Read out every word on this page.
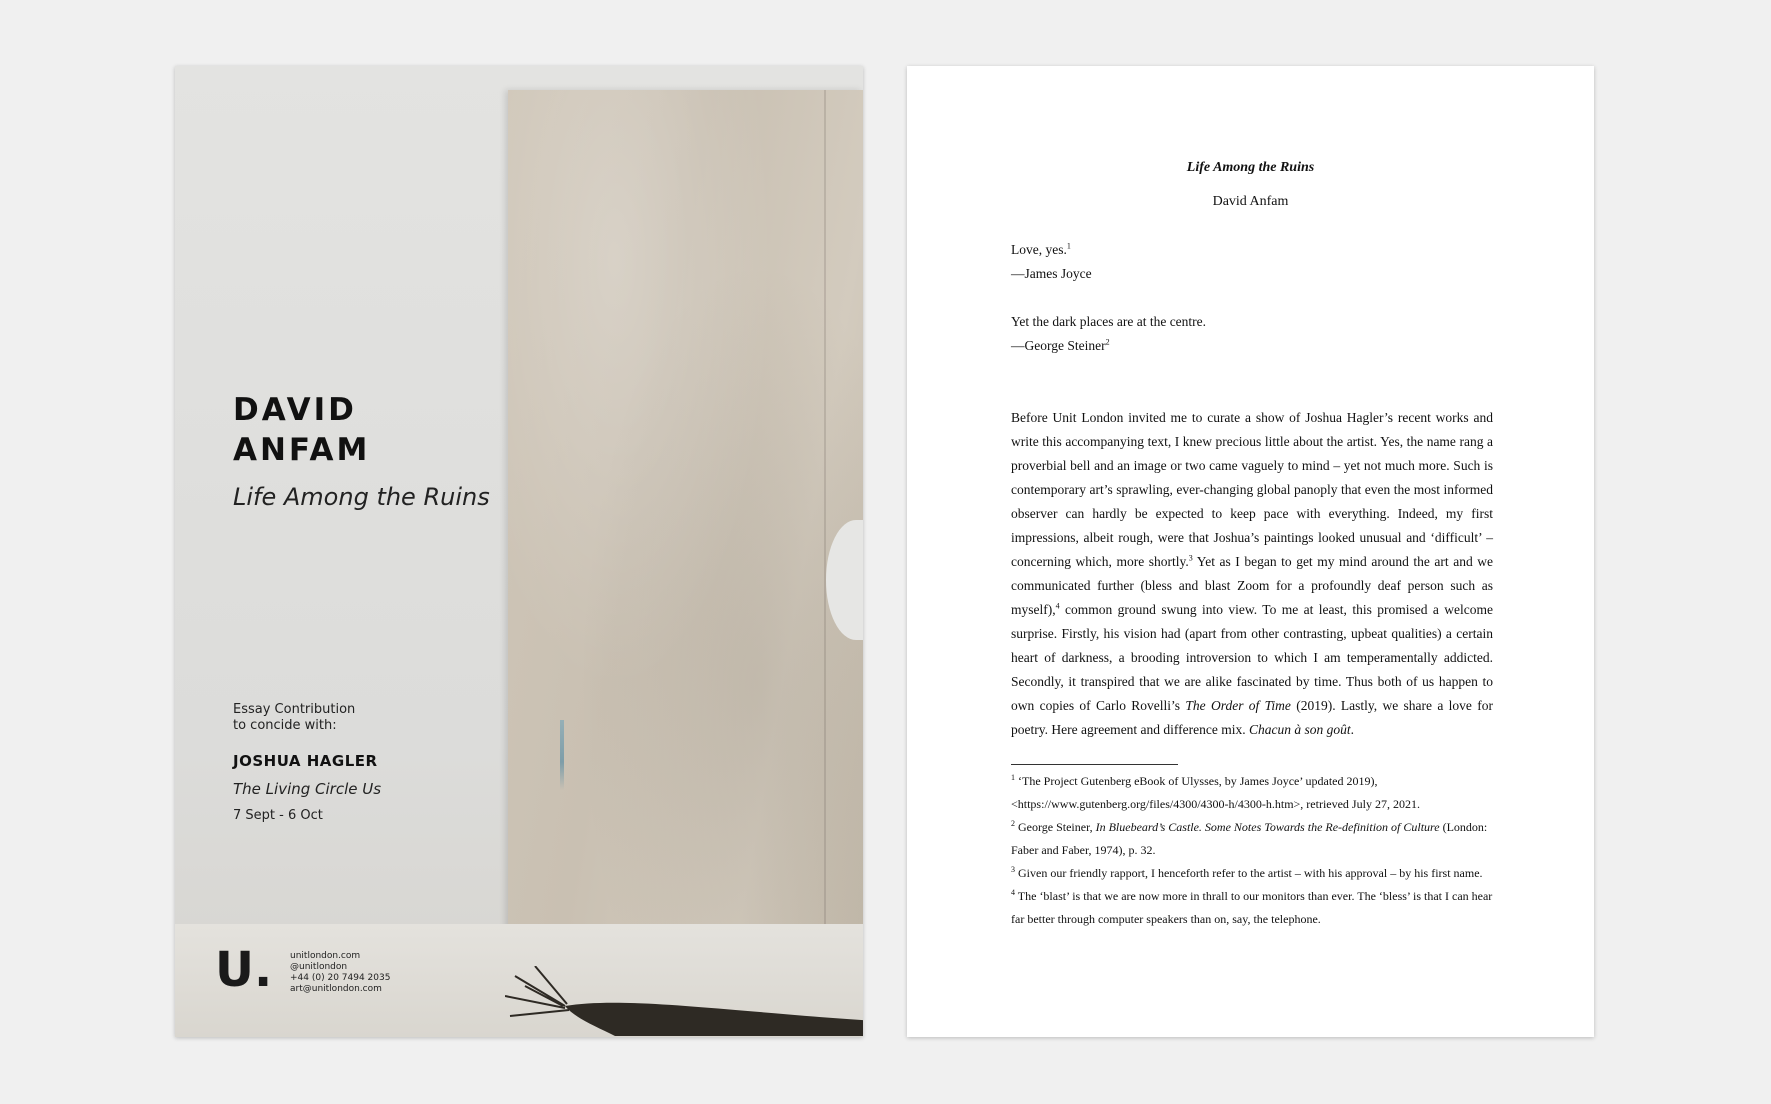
DAVID
ANFAM
Life Among the Ruins
Essay Contribution
to concide with:
JOSHUA HAGLER
The Living Circle Us
7 Sept - 6 Oct
U. unitlondon.com
@unitlondon
+44 (0) 20 7494 2035
art@unitlondon.com
Life Among the Ruins
David Anfam
Love, yes.$^1$
—James Joyce
Yet the dark places are at the centre.
—George Steiner$^2$
Before Unit London invited me to curate a show of Joshua Hagler’s recent works and write this accompanying text, I knew precious little about the artist. Yes, the name rang a proverbial bell and an image or two came vaguely to mind – yet not much more. Such is contemporary art’s sprawling, ever-changing global panoply that even the most informed observer can hardly be expected to keep pace with everything. Indeed, my first impressions, albeit rough, were that Joshua’s paintings looked unusual and ‘difficult’ – concerning which, more shortly.$^3$ Yet as I began to get my mind around the art and we communicated further (bless and blast Zoom for a profoundly deaf person such as myself),$^4$ common ground swung into view. To me at least, this promised a welcome surprise. Firstly, his vision had (apart from other contrasting, upbeat qualities) a certain heart of darkness, a brooding introversion to which I am temperamentally addicted. Secondly, it transpired that we are alike fascinated by time. Thus both of us happen to own copies of Carlo Rovelli’s The Order of Time (2019). Lastly, we share a love for poetry. Here agreement and difference mix. Chacun à son goût.

$^1$ ‘The Project Gutenberg eBook of Ulysses, by James Joyce’ updated 2019), <https://www.gutenberg.org/files/4300/4300-h/4300-h.htm>, retrieved July 27, 2021.

$^2$ George Steiner, In Bluebeard’s Castle. Some Notes Towards the Re-definition of Culture (London: Faber and Faber, 1974), p. 32.

$^3$ Given our friendly rapport, I henceforth refer to the artist – with his approval – by his first name.

$^4$ The ‘blast’ is that we are now more in thrall to our monitors than ever. The ‘bless’ is that I can hear far better through computer speakers than on, say, the telephone.
